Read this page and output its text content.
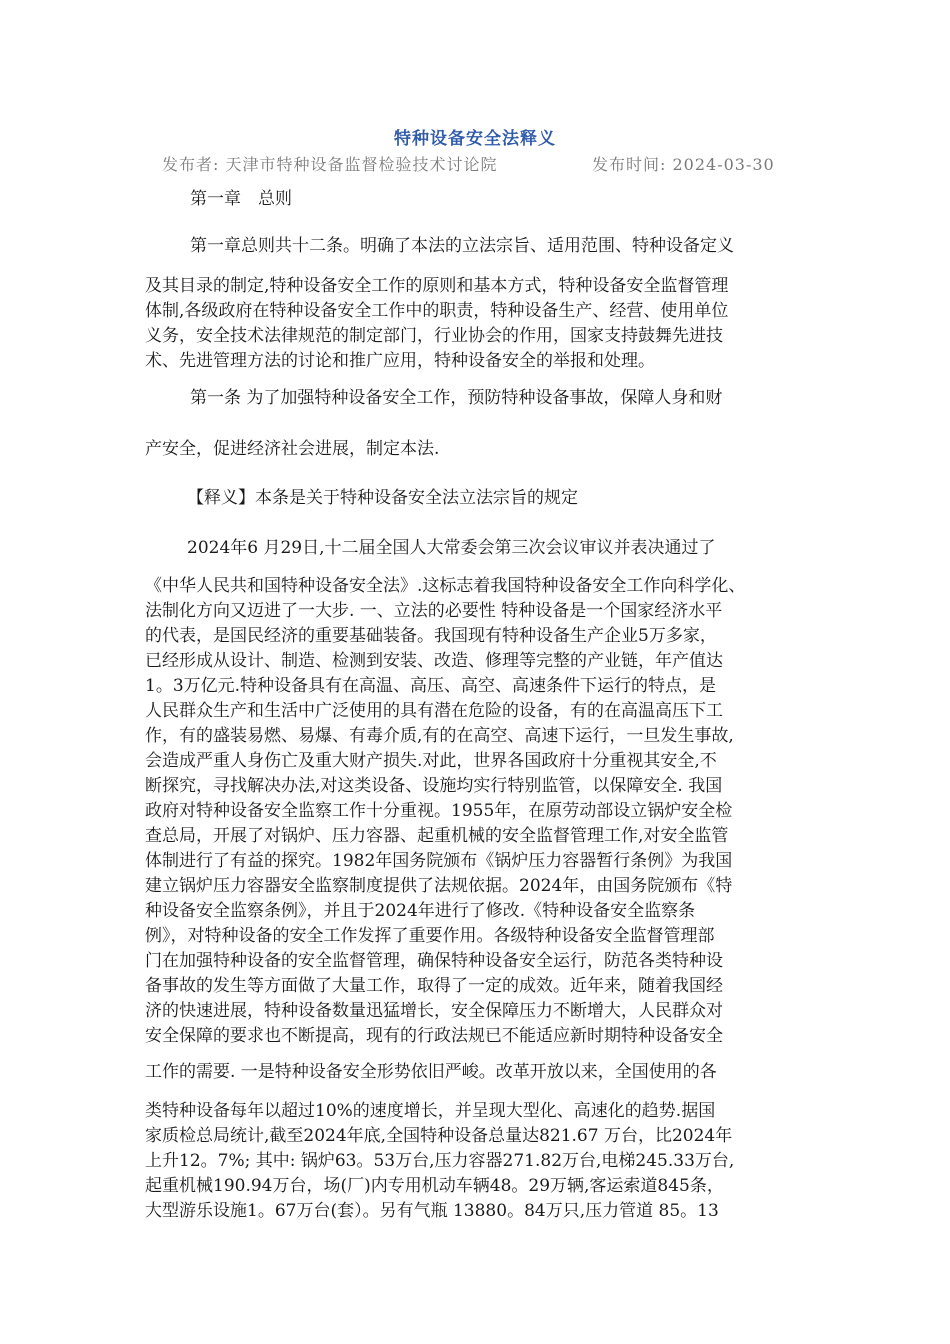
特种设备安全法释义
发布者: 天津市特种设备监督检验技术讨论院	发布时间: 2024-03-30
第一章　总则
第一章总则共十二条。明确了本法的立法宗旨、适用范围、特种设备定义
及其目录的制定,特种设备安全工作的原则和基本方式，特种设备安全监督管理
体制,各级政府在特种设备安全工作中的职责，特种设备生产、经营、使用单位
义务，安全技术法律规范的制定部门，行业协会的作用，国家支持鼓舞先进技
术、先进管理方法的讨论和推广应用，特种设备安全的举报和处理。
第一条 为了加强特种设备安全工作，预防特种设备事故，保障人身和财
产安全，促进经济社会进展，制定本法.
【释义】本条是关于特种设备安全法立法宗旨的规定
2024年6 月29日,十二届全国人大常委会第三次会议审议并表决通过了
《中华人民共和国特种设备安全法》.这标志着我国特种设备安全工作向科学化、
法制化方向又迈进了一大步. 一、立法的必要性 特种设备是一个国家经济水平
的代表，是国民经济的重要基础装备。我国现有特种设备生产企业5万多家，
已经形成从设计、制造、检测到安装、改造、修理等完整的产业链，年产值达
1。3万亿元.特种设备具有在高温、高压、高空、高速条件下运行的特点，是
人民群众生产和生活中广泛使用的具有潜在危险的设备，有的在高温高压下工
作，有的盛装易燃、易爆、有毒介质,有的在高空、高速下运行，一旦发生事故,
会造成严重人身伤亡及重大财产损失.对此，世界各国政府十分重视其安全,不
断探究，寻找解决办法,对这类设备、设施均实行特别监管，以保障安全. 我国
政府对特种设备安全监察工作十分重视。1955年，在原劳动部设立锅炉安全检
查总局，开展了对锅炉、压力容器、起重机械的安全监督管理工作,对安全监管
体制进行了有益的探究。1982年国务院颁布《锅炉压力容器暂行条例》为我国
建立锅炉压力容器安全监察制度提供了法规依据。2024年，由国务院颁布《特
种设备安全监察条例》，并且于2024年进行了修改.《特种设备安全监察条
例》，对特种设备的安全工作发挥了重要作用。各级特种设备安全监督管理部
门在加强特种设备的安全监督管理，确保特种设备安全运行，防范各类特种设
备事故的发生等方面做了大量工作，取得了一定的成效。近年来，随着我国经
济的快速进展，特种设备数量迅猛增长，安全保障压力不断增大，人民群众对
安全保障的要求也不断提高，现有的行政法规已不能适应新时期特种设备安全
工作的需要. 一是特种设备安全形势依旧严峻。改革开放以来，全国使用的各
类特种设备每年以超过10%的速度增长，并呈现大型化、高速化的趋势.据国
家质检总局统计,截至2024年底,全国特种设备总量达821.67 万台，比2024年
上升12。7%; 其中: 锅炉63。53万台,压力容器271.82万台,电梯245.33万台,
起重机械190.94万台，场(厂)内专用机动车辆48。29万辆,客运索道845条，
大型游乐设施1。67万台(套）。另有气瓶 13880。84万只,压力管道 85。13
